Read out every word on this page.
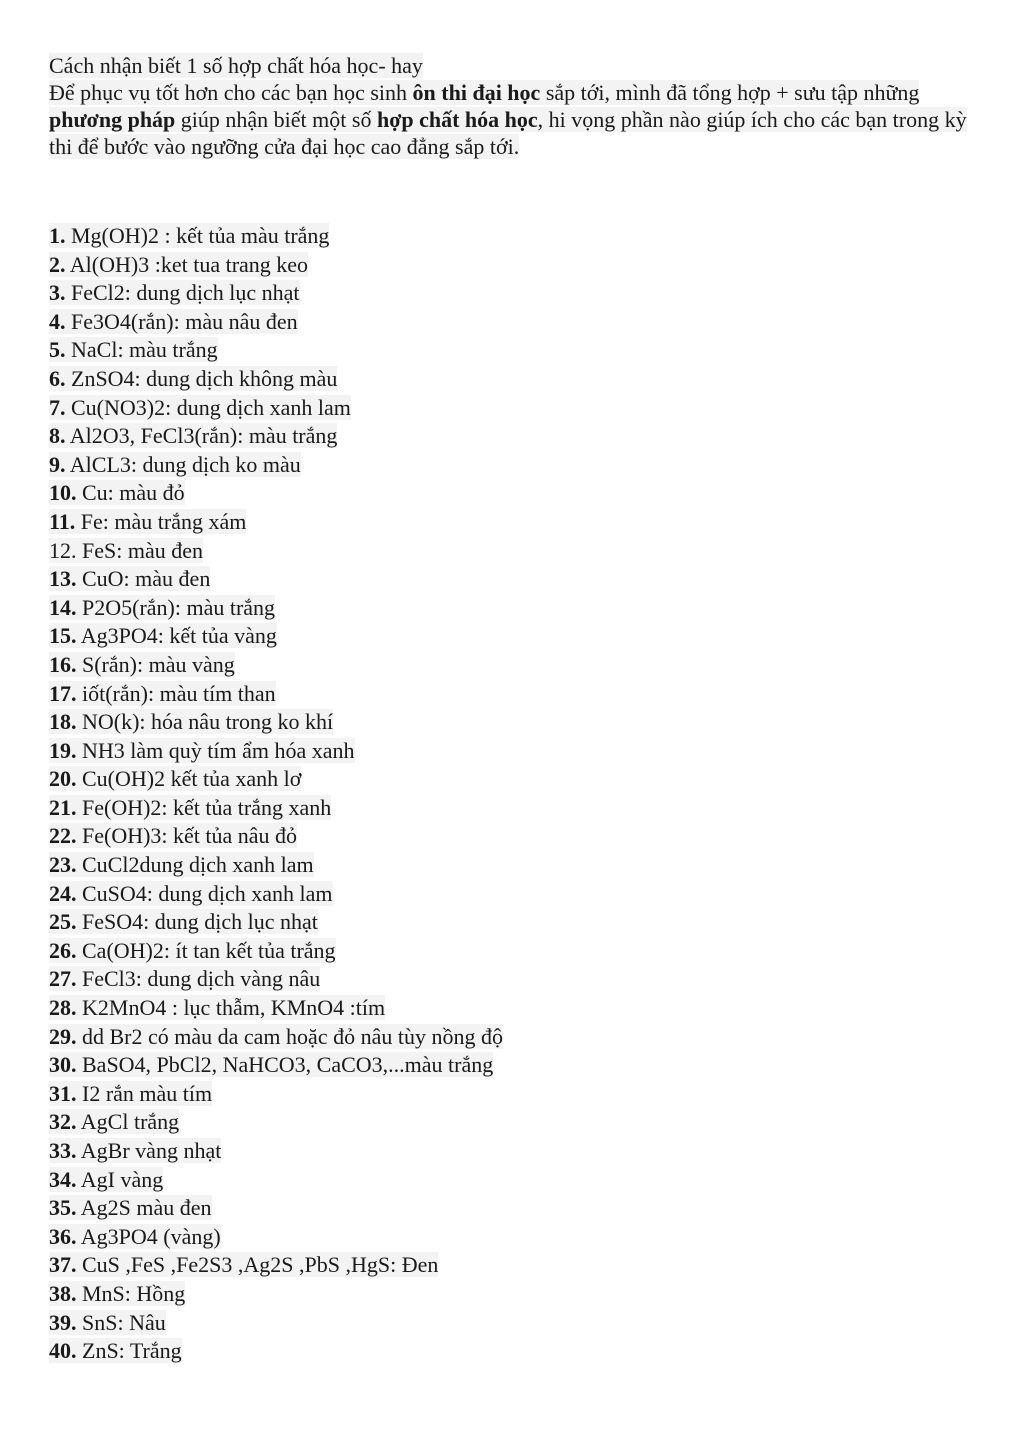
Cách nhận biết 1 số hợp chất hóa học- hay

Để phục vụ tốt hơn cho các bạn học sinh ôn thi đại học sắp tới, mình đã tổng hợp + sưu tập những phương pháp giúp nhận biết một số hợp chất hóa học, hi vọng phần nào giúp ích cho các bạn trong kỳ thi để bước vào ngưỡng cửa đại học cao đẳng sắp tới.

1. Mg(OH)2 : kết tủa màu trắng
2. Al(OH)3 :ket tua trang keo
3. FeCl2: dung dịch lục nhạt
4. Fe3O4(rắn): màu nâu đen
5. NaCl: màu trắng
6. ZnSO4: dung dịch không màu
7. Cu(NO3)2: dung dịch xanh lam
8. Al2O3, FeCl3(rắn): màu trắng
9. AlCL3: dung dịch ko màu
10. Cu: màu đỏ
11. Fe: màu trắng xám
12. FeS: màu đen
13. CuO: màu đen
14. P2O5(rắn): màu trắng
15. Ag3PO4: kết tủa vàng
16. S(rắn): màu vàng
17. iốt(rắn): màu tím than
18. NO(k): hóa nâu trong ko khí
19. NH3 làm quỳ tím ẩm hóa xanh
20. Cu(OH)2 kết tủa xanh lơ
21. Fe(OH)2: kết tủa trắng xanh
22. Fe(OH)3: kết tủa nâu đỏ
23. CuCl2dung dịch xanh lam
24. CuSO4: dung dịch xanh lam
25. FeSO4: dung dịch lục nhạt
26. Ca(OH)2: ít tan kết tủa trắng
27. FeCl3: dung dịch vàng nâu
28. K2MnO4 : lục thẫm, KMnO4 :tím
29. dd Br2 có màu da cam hoặc đỏ nâu tùy nồng độ
30. BaSO4, PbCl2, NaHCO3, CaCO3,...màu trắng
31. I2 rắn màu tím
32. AgCl trắng
33. AgBr vàng nhạt
34. AgI vàng
35. Ag2S màu đen
36. Ag3PO4 (vàng)
37. CuS ,FeS ,Fe2S3 ,Ag2S ,PbS ,HgS: Đen
38. MnS: Hồng
39. SnS: Nâu
40. ZnS: Trắng
